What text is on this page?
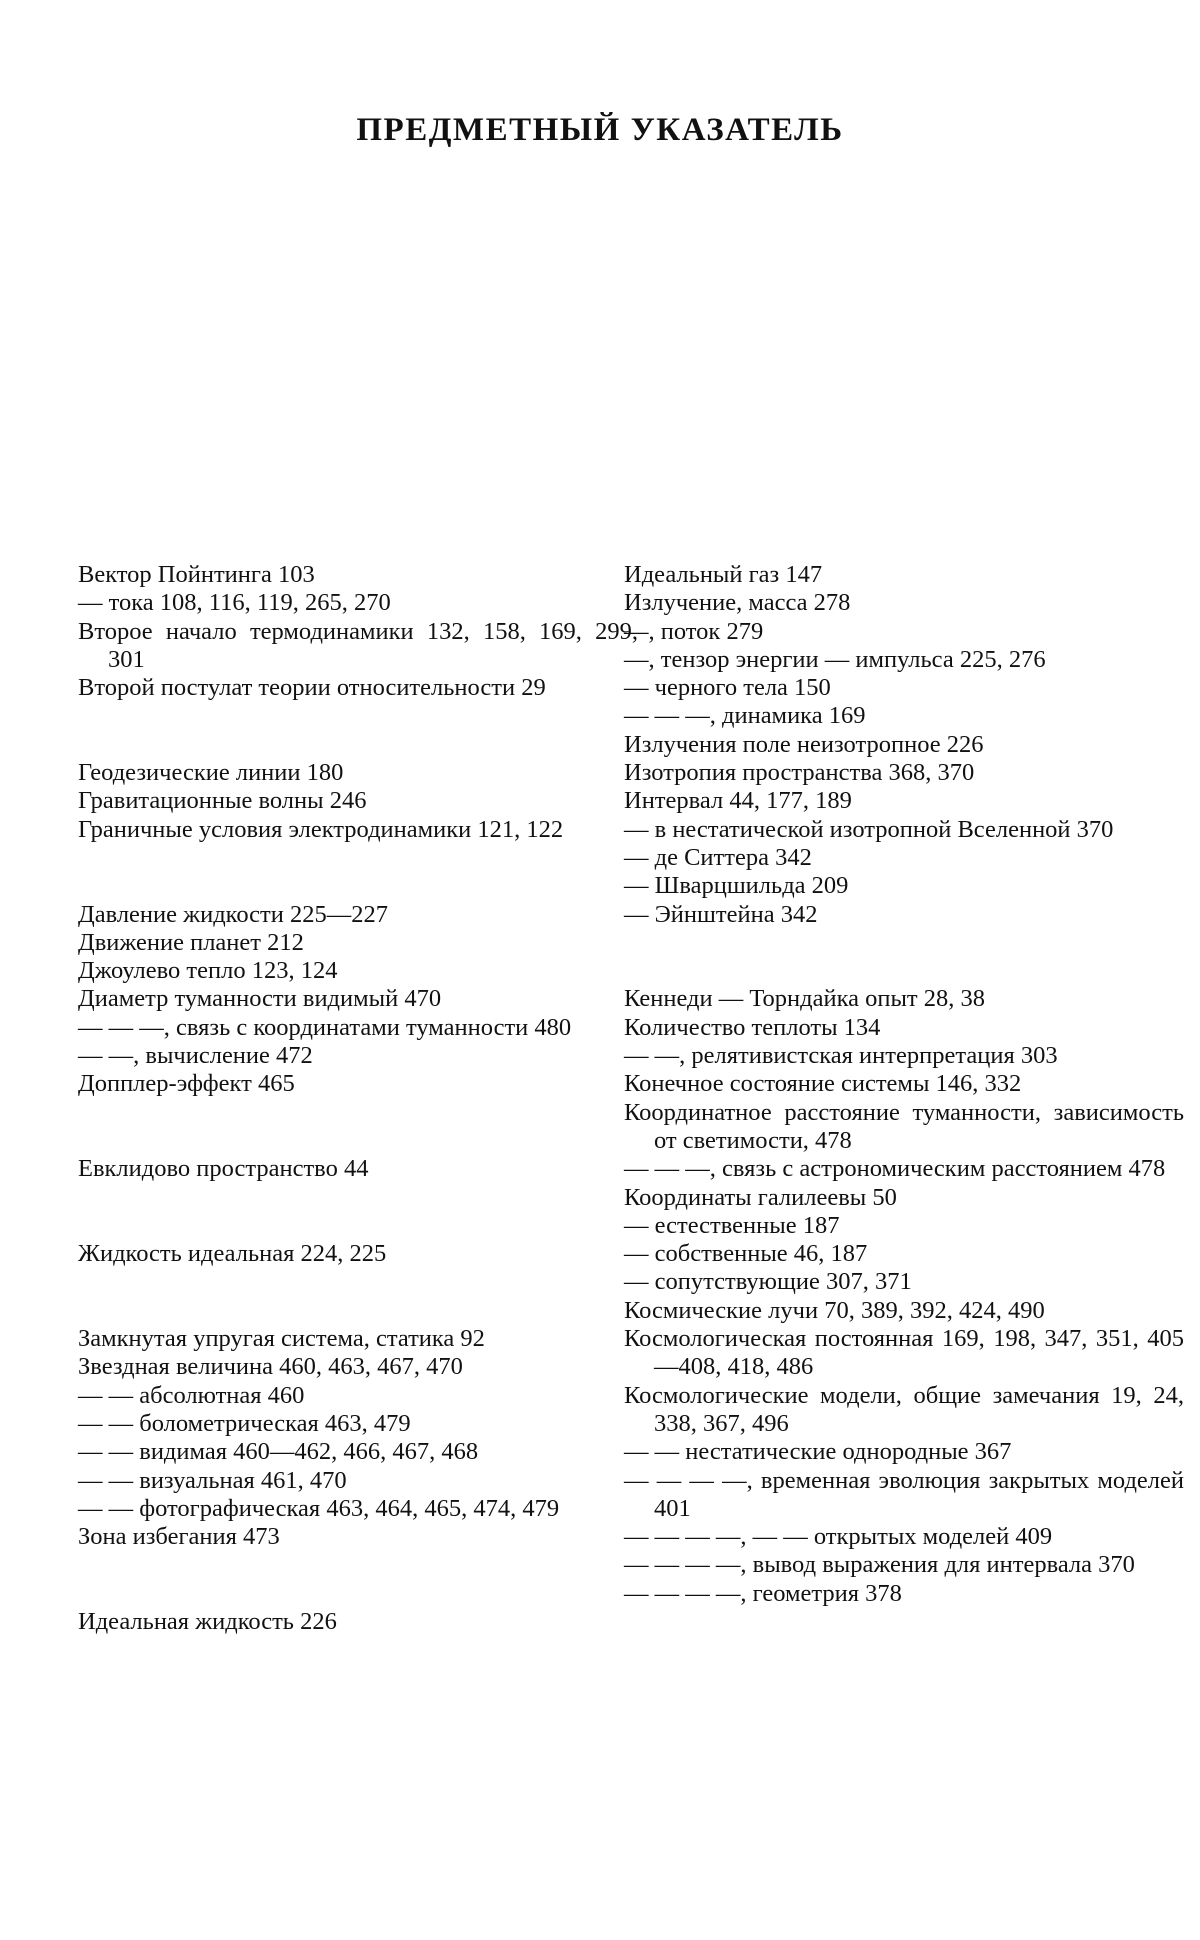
ПРЕДМЕТНЫЙ УКАЗАТЕЛЬ

Вектор Пойнтинга 103

— тока 108, 116, 119, 265, 270

Второе начало термодинамики 132, 158, 169, 299, 301

Второй постулат теории относительности 29

Геодезические линии 180

Гравитационные волны 246

Граничные условия электродинамики 121, 122

Давление жидкости 225—227

Движение планет 212

Джоулево тепло 123, 124

Диаметр туманности видимый 470

— — —, связь с координатами туманности 480

— —, вычисление 472

Допплер-эффект 465

Евклидово пространство 44

Жидкость идеальная 224, 225

Замкнутая упругая система, статика 92

Звездная величина 460, 463, 467, 470

— — абсолютная 460

— — болометрическая 463, 479

— — видимая 460—462, 466, 467, 468

— — визуальная 461, 470

— — фотографическая 463, 464, 465, 474, 479

Зона избегания 473

Идеальная жидкость 226

Идеальный газ 147

Излучение, масса 278

—, поток 279

—, тензор энергии — импульса 225, 276

— черного тела 150

— — —, динамика 169

Излучения поле неизотропное 226

Изотропия пространства 368, 370

Интервал 44, 177, 189

— в нестатической изотропной Вселенной 370

— де Ситтера 342

— Шварцшильда 209

— Эйнштейна 342

Кеннеди — Торндайка опыт 28, 38

Количество теплоты 134

— —, релятивистская интерпретация 303

Конечное состояние системы 146, 332

Координатное расстояние туманности, зависимость от светимости, 478

— — —, связь с астрономическим расстоянием 478

Координаты галилеевы 50

— естественные 187

— собственные 46, 187

— сопутствующие 307, 371

Космические лучи 70, 389, 392, 424, 490

Космологическая постоянная 169, 198, 347, 351, 405—408, 418, 486

Космологические модели, общие замечания 19, 24, 338, 367, 496

— — нестатические однородные 367

— — — —, временная эволюция закрытых моделей 401

— — — —, — — открытых моделей 409

— — — —, вывод выражения для интервала 370

— — — —, геометрия 378
